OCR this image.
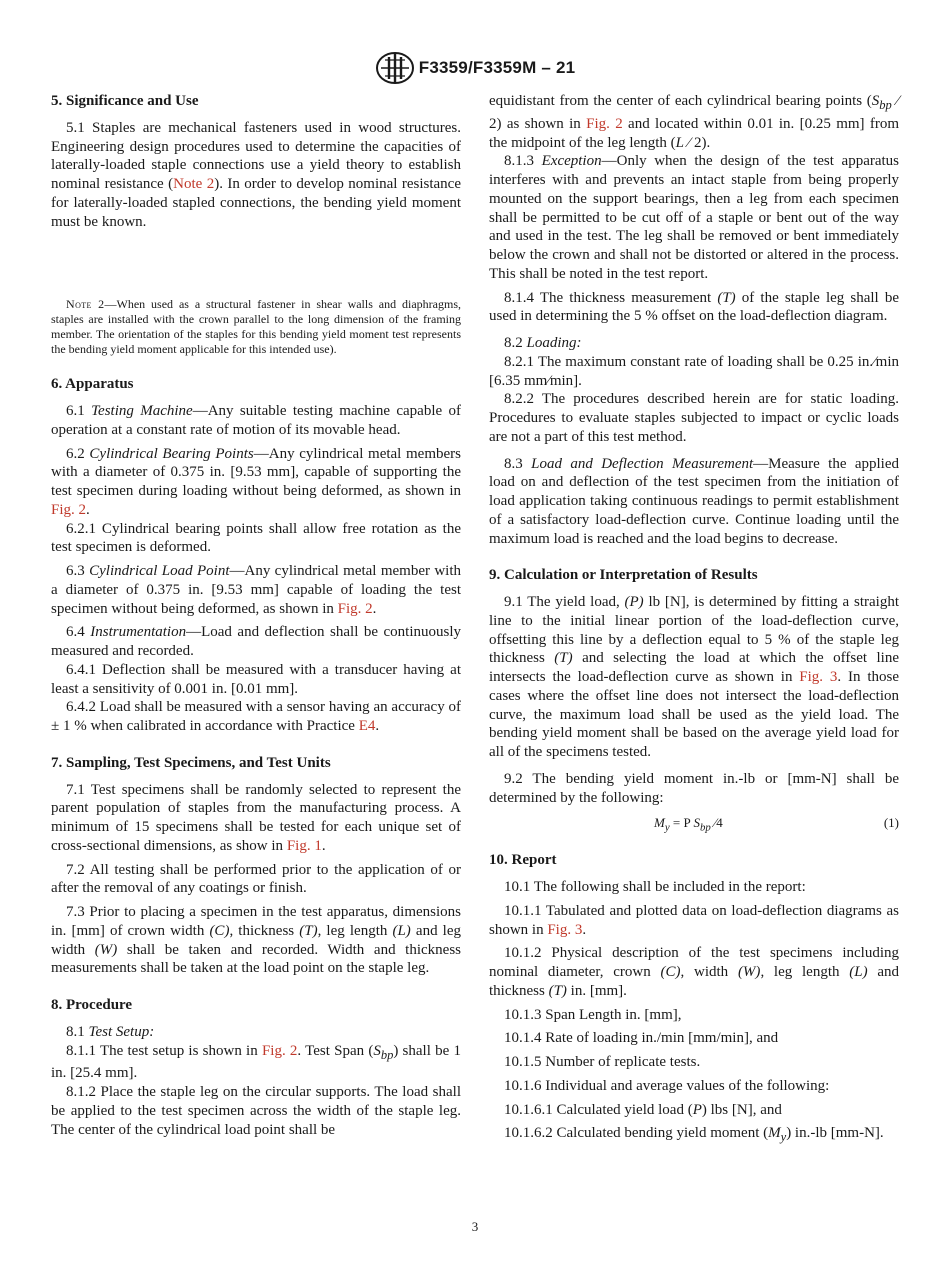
F3359/F3359M – 21
5. Significance and Use

5.1 Staples are mechanical fasteners used in wood structures. Engineering design procedures used to determine the capacities of laterally-loaded staple connections use a yield theory to establish nominal resistance (Note 2). In order to develop nominal resistance for laterally-loaded stapled connections, the bending yield moment must be known.

Note 2—When used as a structural fastener in shear walls and diaphragms, staples are installed with the crown parallel to the long dimension of the framing member. The orientation of the staples for this bending yield moment test represents the bending yield moment applicable for this intended use).

6. Apparatus

6.1 Testing Machine—Any suitable testing machine capable of operation at a constant rate of motion of its movable head.

6.2 Cylindrical Bearing Points—Any cylindrical metal members with a diameter of 0.375 in. [9.53 mm], capable of supporting the test specimen during loading without being deformed, as shown in Fig. 2.

6.2.1 Cylindrical bearing points shall allow free rotation as the test specimen is deformed.

6.3 Cylindrical Load Point—Any cylindrical metal member with a diameter of 0.375 in. [9.53 mm] capable of loading the test specimen without being deformed, as shown in Fig. 2.

6.4 Instrumentation—Load and deflection shall be continuously measured and recorded.

6.4.1 Deflection shall be measured with a transducer having at least a sensitivity of 0.001 in. [0.01 mm].

6.4.2 Load shall be measured with a sensor having an accuracy of ± 1 % when calibrated in accordance with Practice E4.

7. Sampling, Test Specimens, and Test Units

7.1 Test specimens shall be randomly selected to represent the parent population of staples from the manufacturing process. A minimum of 15 specimens shall be tested for each unique set of cross-sectional dimensions, as show in Fig. 1.

7.2 All testing shall be performed prior to the application of or after the removal of any coatings or finish.

7.3 Prior to placing a specimen in the test apparatus, dimensions in. [mm] of crown width (C), thickness (T), leg length (L) and leg width (W) shall be taken and recorded. Width and thickness measurements shall be taken at the load point on the staple leg.

8. Procedure

8.1 Test Setup:

8.1.1 The test setup is shown in Fig. 2. Test Span $(S_{bp})$ shall be 1 in. [25.4 mm].

8.1.2 Place the staple leg on the circular supports. The load shall be applied to the test specimen across the width of the staple leg. The center of the cylindrical load point shall be

equidistant from the center of each cylindrical bearing points ($S_{bp}$ ⁄ 2) as shown in Fig. 2 and located within 0.01 in. [0.25 mm] from the midpoint of the leg length (L ⁄ 2).

8.1.3 Exception—Only when the design of the test apparatus interferes with and prevents an intact staple from being properly mounted on the support bearings, then a leg from each specimen shall be permitted to be cut off of a staple or bent out of the way and used in the test. The leg shall be removed or bent immediately below the crown and shall not be distorted or altered in the process. This shall be noted in the test report.

8.1.4 The thickness measurement (T) of the staple leg shall be used in determining the 5 % offset on the load-deflection diagram.

8.2 Loading:

8.2.1 The maximum constant rate of loading shall be 0.25 in.⁄min [6.35 mm⁄min].

8.2.2 The procedures described herein are for static loading. Procedures to evaluate staples subjected to impact or cyclic loads are not a part of this test method.

8.3 Load and Deflection Measurement—Measure the applied load on and deflection of the test specimen from the initiation of load application taking continuous readings to permit establishment of a satisfactory load-deflection curve. Continue loading until the maximum load is reached and the load begins to decrease.

9. Calculation or Interpretation of Results

9.1 The yield load, (P) lb [N], is determined by fitting a straight line to the initial linear portion of the load-deflection curve, offsetting this line by a deflection equal to 5 % of the staple leg thickness (T) and selecting the load at which the offset line intersects the load-deflection curve as shown in Fig. 3. In those cases where the offset line does not intersect the load-deflection curve, the maximum load shall be used as the yield load. The bending yield moment shall be based on the average yield load for all of the specimens tested.

9.2 The bending yield moment in.-lb or [mm-N] shall be determined by the following:

$M_y = P$ $S_{bp}$ ⁄4	(1)
10. Report

10.1 The following shall be included in the report:

10.1.1 Tabulated and plotted data on load-deflection diagrams as shown in Fig. 3.

10.1.2 Physical description of the test specimens including nominal diameter, crown (C), width (W), leg length (L) and thickness (T) in. [mm].

10.1.3 Span Length in. [mm],

10.1.4 Rate of loading in./min [mm/min], and

10.1.5 Number of replicate tests.

10.1.6 Individual and average values of the following:

10.1.6.1 Calculated yield load (P) lbs [N], and

10.1.6.2 Calculated bending yield moment $(M_y)$ in.-lb [mm-N].

3
